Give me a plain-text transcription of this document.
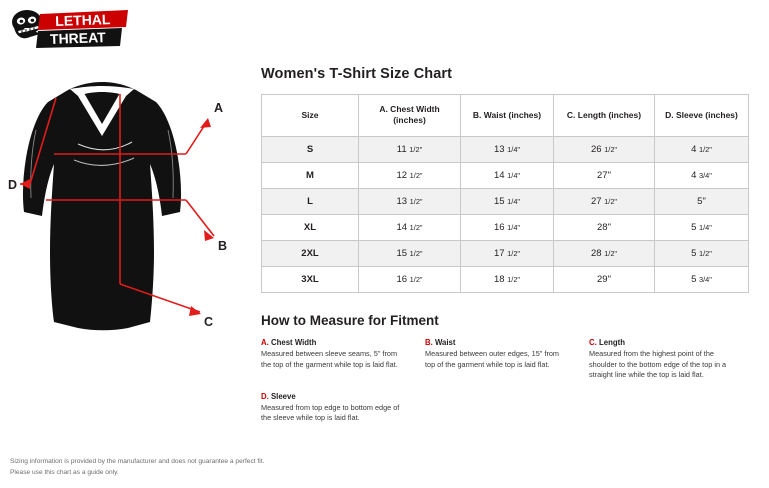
LETHAL
THREAT
A
B
C
D
Women's T-Shirt Size Chart
Size	A. Chest Width (inches)	B. Waist (inches)	C. Length (inches)	D. Sleeve (inches)
S	11 1/2"	13 1/4"	26 1/2"	4 1/2"
M	12 1/2"	14 1/4"	27"	4 3/4"
L	13 1/2"	15 1/4"	27 1/2"	5"
XL	14 1/2"	16 1/4"	28"	5 1/4"
2XL	15 1/2"	17 1/2"	28 1/2"	5 1/2"
3XL	16 1/2"	18 1/2"	29"	5 3/4"
How to Measure for Fitment
A. Chest Width
Measured between sleeve seams, 5" from the top of the garment while top is laid flat.
B. Waist
Measured between outer edges, 15" from top of the garment while top is laid flat.
C. Length
Measured from the highest point of the shoulder to the bottom edge of the top in a straight line while the top is laid flat.
D. Sleeve
Measured from top edge to bottom edge of the sleeve while top is laid flat.
Sizing information is provided by the manufacturer and does not guarantee a perfect fit.
Please use this chart as a guide only.
